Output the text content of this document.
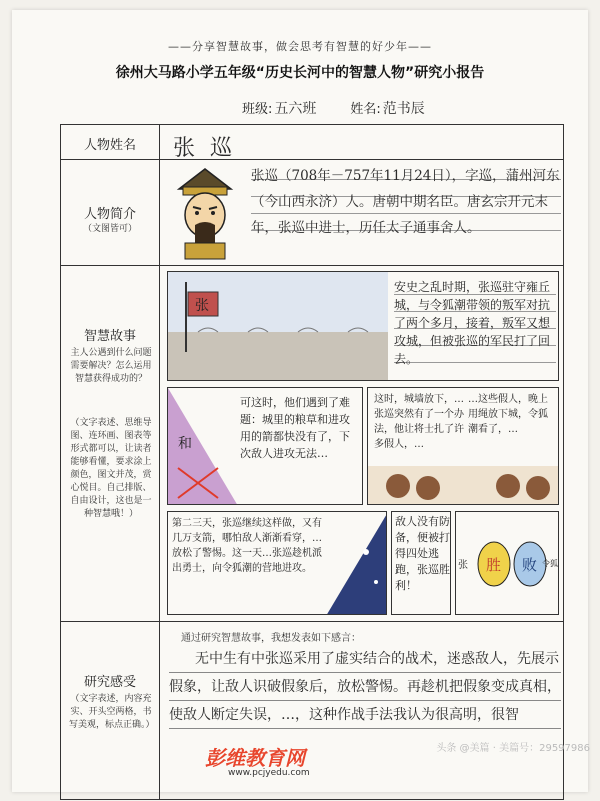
——分享智慧故事，做会思考有智慧的好少年——
徐州大马路小学五年级“历史长河中的智慧人物”研究小报告
班级: 五六班	姓名: 范书辰
人物姓名	张 巡
人物简介
（文图皆可）
张巡（708年－757年11月24日），字巡，蒲州河东（今山西永济）人。唐朝中期名臣。唐玄宗开元末年，张巡中进士，历任太子通事舍人。
智慧故事
主人公遇到什么问题需要解决？怎么运用智慧获得成功的？
（文字表述、思维导图、连环画、图表等形式都可以，让读者能够看懂，要求涂上颜色，图文并茂，赏心悦目。自己排版、自由设计，这也是一种智慧哦！）
张
安史之乱时期，张巡驻守雍丘城，与令狐潮带领的叛军对抗了两个多月，接着，叛军又想攻城，但被张巡的军民打了回去。
和
可这时，他们遇到了难题：城里的粮草和进攻用的箭都快没有了，下次敌人进攻无法…
这时，城墙放下，…张巡突然有了一个办法，他让将士扎了许多假人，…
…这些假人，晚上用绳放下城，令狐潮看了，…
第二三天，张巡继续这样做，又有几万支箭，哪怕敌人渐渐看穿，…放松了警惕。这一天…张巡趁机派出勇士，向令狐潮的营地进攻。
敌人没有防备，便被打得四处逃跑，张巡胜利！
张 胜 败 令狐
研究感受
（文字表述，内容充实、开头空两格，书写美观，标点正确。）
通过研究智慧故事，我想发表如下感言：
无中生有中张巡采用了虚实结合的战术，迷惑敌人，先展示假象，让敌人识破假象后，放松警惕。再趁机把假象变成真相，使敌人断定失误，…，这种作战手法我认为很高明，很智
彭维教育网
www.pcjyedu.com
头条 @美篇 · 美篇号：29597986
